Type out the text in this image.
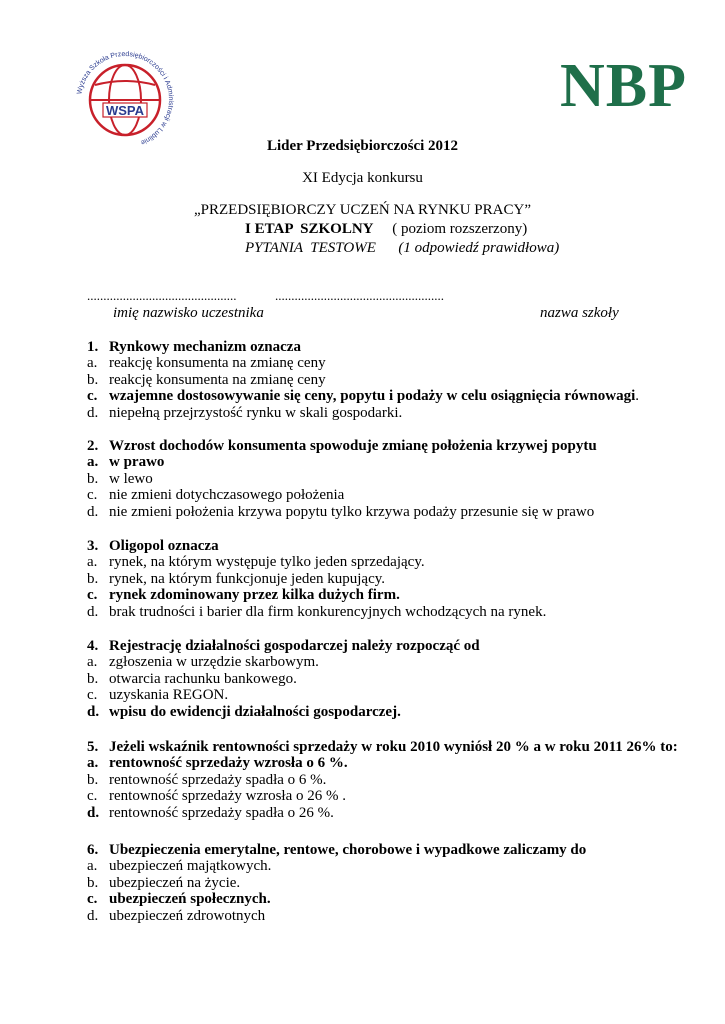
WSPA
Wyższa Szkoła Przedsiębiorczości i Administracji w Lublinie
NBP
Lider Przedsiębiorczości 2012
XI Edycja konkursu
„PRZEDSIĘBIORCZY UCZEŃ NA RYNKU PRACY”
I ETAP  SZKOLNY ( poziom rozszerzony)
PYTANIA  TESTOWE (1 odpowiedź prawidłowa)
..............................................	....................................................
imię nazwisko uczestnika	nazwa szkoły
1. Rynkowy mechanizm oznacza
a. reakcję konsumenta na zmianę ceny
b. reakcję konsumenta na zmianę ceny
c. wzajemne dostosowywanie się ceny, popytu i podaży w celu osiągnięcia równowagi .
d. niepełną przejrzystość rynku w skali gospodarki.
2. Wzrost dochodów konsumenta spowoduje zmianę położenia krzywej popytu
a. w prawo
b. w lewo
c. nie zmieni dotychczasowego położenia
d. nie zmieni położenia krzywa popytu tylko krzywa podaży przesunie się w prawo
3. Oligopol oznacza
a. rynek, na którym występuje tylko jeden sprzedający.
b. rynek, na którym funkcjonuje jeden kupujący.
c. rynek zdominowany przez kilka dużych firm.
d. brak trudności i barier dla firm konkurencyjnych wchodzących na rynek.
4. Rejestrację działalności gospodarczej należy rozpocząć od
a. zgłoszenia w urzędzie skarbowym.
b. otwarcia rachunku bankowego.
c. uzyskania REGON.
d. wpisu do ewidencji działalności gospodarczej.
5. Jeżeli wskaźnik rentowności sprzedaży w roku 2010 wyniósł 20 % a w roku 2011 26% to:
a. rentowność sprzedaży wzrosła o 6 %.
b. rentowność sprzedaży spadła o 6 %.
c. rentowność sprzedaży wzrosła o 26 % .
d. rentowność sprzedaży spadła o 26 %.
6. Ubezpieczenia emerytalne, rentowe, chorobowe i wypadkowe zaliczamy do
a. ubezpieczeń majątkowych.
b. ubezpieczeń na życie.
c. ubezpieczeń społecznych.
d. ubezpieczeń zdrowotnych
